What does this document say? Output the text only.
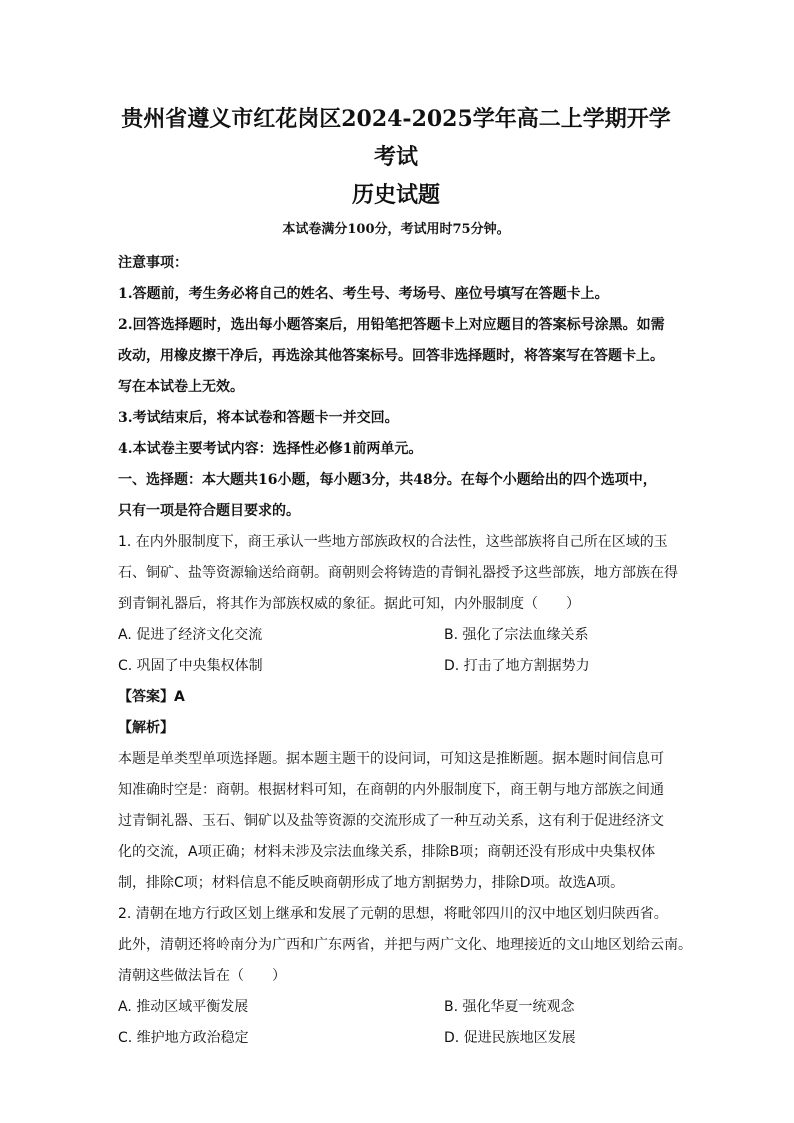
贵州省遵义市红花岗区2024-2025学年高二上学期开学考试
历史试题

本试卷满分100分，考试用时75分钟。

注意事项：

1.答题前，考生务必将自己的姓名、考生号、考场号、座位号填写在答题卡上。

2.回答选择题时，选出每小题答案后，用铅笔把答题卡上对应题目的答案标号涂黑。如需

改动，用橡皮擦干净后，再选涂其他答案标号。回答非选择题时，将答案写在答题卡上。

写在本试卷上无效。

3.考试结束后，将本试卷和答题卡一并交回。

4.本试卷主要考试内容：选择性必修1前两单元。

一、选择题：本大题共16小题，每小题3分，共48分。在每个小题给出的四个选项中，

只有一项是符合题目要求的。

1. 在内外服制度下，商王承认一些地方部族政权的合法性，这些部族将自己所在区域的玉

石、铜矿、盐等资源输送给商朝。商朝则会将铸造的青铜礼器授予这些部族，地方部族在得

到青铜礼器后，将其作为部族权威的象征。据此可知，内外服制度（　　）

A. 促进了经济文化交流	B. 强化了宗法血缘关系
C. 巩固了中央集权体制	D. 打击了地方割据势力

【答案】A

【解析】

本题是单类型单项选择题。据本题主题干的设问词，可知这是推断题。据本题时间信息可

知准确时空是：商朝。根据材料可知，在商朝的内外服制度下，商王朝与地方部族之间通

过青铜礼器、玉石、铜矿以及盐等资源的交流形成了一种互动关系，这有利于促进经济文

化的交流，A项正确；材料未涉及宗法血缘关系，排除B项；商朝还没有形成中央集权体

制，排除C项；材料信息不能反映商朝形成了地方割据势力，排除D项。故选A项。

2. 清朝在地方行政区划上继承和发展了元朝的思想，将毗邻四川的汉中地区划归陕西省。

此外，清朝还将岭南分为广西和广东两省，并把与两广文化、地理接近的文山地区划给云南。

清朝这些做法旨在（　　）

A. 推动区域平衡发展	B. 强化华夏一统观念
C. 维护地方政治稳定	D. 促进民族地区发展
